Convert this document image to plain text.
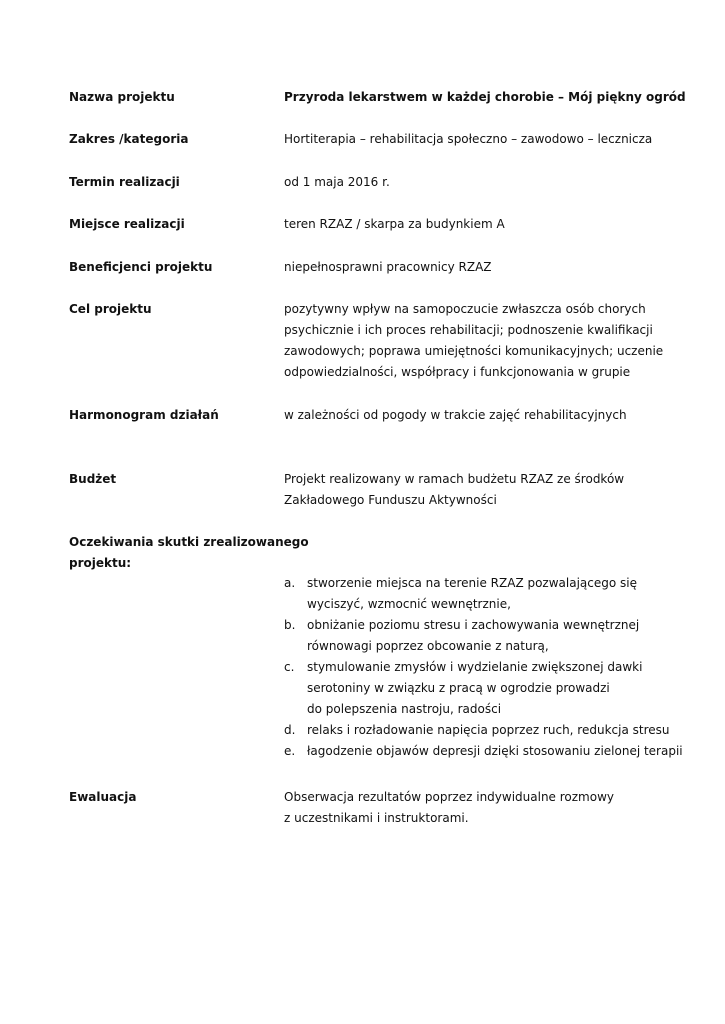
Nazwa projektu	Przyroda lekarstwem w każdej chorobie – Mój piękny ogród
Zakres /kategoria	Hortiterapia – rehabilitacja społeczno – zawodowo – lecznicza
Termin realizacji	od 1 maja 2016 r.
Miejsce realizacji	teren RZAZ / skarpa za budynkiem A
Beneficjenci projektu	niepełnosprawni pracownicy RZAZ
Cel projektu	pozytywny wpływ na samopoczucie zwłaszcza osób chorych
psychicznie i ich proces rehabilitacji; podnoszenie kwalifikacji
zawodowych; poprawa umiejętności komunikacyjnych; uczenie
odpowiedzialności, współpracy i funkcjonowania w grupie
Harmonogram działań	w zależności od pogody w trakcie zajęć rehabilitacyjnych
Budżet	Projekt realizowany w ramach budżetu RZAZ ze środków
Zakładowego Funduszu Aktywności
Oczekiwania skutki zrealizowanego
projektu:
a. stworzenie miejsca na terenie RZAZ pozwalającego się
wyciszyć, wzmocnić wewnętrznie,
b. obniżanie poziomu stresu i zachowywania wewnętrznej
równowagi poprzez obcowanie z naturą,
c. stymulowanie zmysłów i wydzielanie zwiększonej dawki
serotoniny w związku z pracą w ogrodzie prowadzi
do polepszenia nastroju, radości
d. relaks i rozładowanie napięcia poprzez ruch, redukcja stresu
e. łagodzenie objawów depresji dzięki stosowaniu zielonej terapii
Ewaluacja	Obserwacja rezultatów poprzez indywidualne rozmowy
z uczestnikami i instruktorami.
